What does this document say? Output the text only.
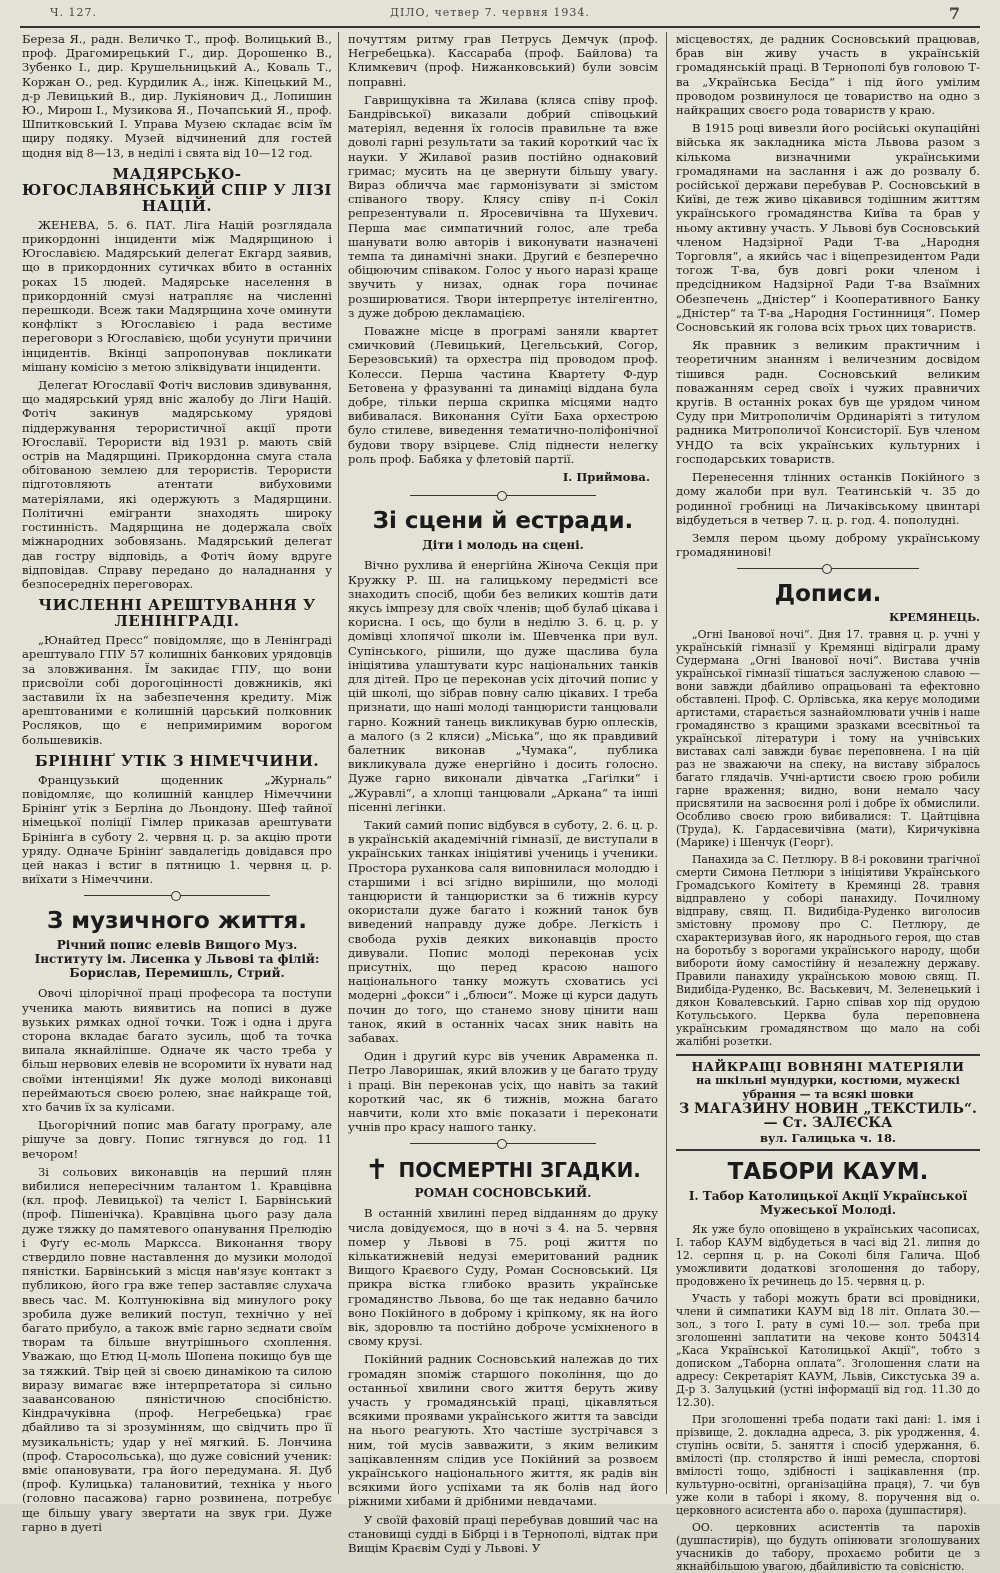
Ч. 127.	ДІЛО, четвер 7. червня 1934.	7

Береза Я., радн. Величко Т., проф. Волицький В., проф. Драгомирецький Г., дир. Дорошенко В., Зубенко І., дир. Крушельницький А., Коваль Т., Коржан О., ред. Курдилик А., інж. Кіпецький М., д-р Левицький В., дир. Лукіянович Д., Лопишин Ю., Мирош І., Музикова Я., Почапський Я., проф. Шпитковський І. Управа Музею складає всім їм щиру подяку. Музей відчинений для гостей щодня від 8—13, в неділі і свята від 10—12 год.

МАДЯРСЬКО-ЮГОСЛАВЯНСЬКИЙ СПІР У ЛІЗІ НАЦІЙ.

ЖЕНЕВА, 5. 6. ПАТ. Ліга Націй розглядала прикордонні інциденти між Мадярщиною і Югославією. Мадярський делегат Екгард заявив, що в прикордонних сутичках вбито в останніх роках 15 людей. Мадярське населення в прикордонній смузі натрапляє на численні перешкоди. Всеж таки Мадярщина хоче оминути конфлікт з Югославією і рада вестиме переговори з Югославією, щоби усунути причини інцидентів. Вкінці запропонував покликати мішану комісію з метою зліквідувати інциденти.

Делегат Югославії Фотіч висловив здивування, що мадярський уряд вніс жалобу до Ліги Націй. Фотіч закинув мадярському урядові піддержування терористичної акції проти Югославії. Терористи від 1931 р. мають свій острів на Мадярщині. Прикордонна смуга стала обітованою землею для терористів. Терористи підготовляють атентати вибуховими матеріялами, які одержують з Мадярщини. Політичні емігранти знаходять широку гостинність. Мадярщина не додержала своїх міжнародних зобовязань. Мадярський делегат дав гостру відповідь, а Фотіч йому вдруге відповідав. Справу передано до наладнання у безпосередніх переговорах.

ЧИСЛЕННІ АРЕШТУВАННЯ У ЛЕНІНГРАДІ.

„Юнайтед Пресс“ повідомляє, що в Ленінграді арештувало ГПУ 57 колишніх банкових урядовців за зловживання. Їм закидає ГПУ, що вони присвоїли собі дорогоцінності довжників, які заставили їх на забезпечення кредиту. Між арештованими є колишній царський полковник Росляков, що є непримиримим ворогом большевиків.

БРІНІНҐ УТІК З НІМЕЧЧИНИ.

Французький щоденник „Журналь“ повідомляє, що колишній канцлер Німеччини Брінінґ утік з Берліна до Льондону. Шеф тайної німецької поліції Гімлер приказав арештувати Брінінґа в суботу 2. червня ц. р. за акцію проти уряду. Одначе Брінінґ завдалегідь довідався про цей наказ і встиг в пятницю 1. червня ц. р. виїхати з Німеччини.

З музичного життя.
Річний попис елевів Вищого Муз. Інституту ім. Лисенка у Львові та філій: Борислав, Перемишль, Стрий.

Овочі цілорічної праці професора та поступи ученика мають виявитись на пописі в дуже вузьких рямках одної точки. Тож і одна і друга сторона вкладає багато зусиль, щоб та точка випала якнайліпше. Одначе як часто треба у більш нервових елевів не всоромити їх нувати над своїми інтенціями! Як дуже молоді виконавці переймаються своєю ролею, знає найкраще той, хто бачив їх за кулісами.

Цьогорічний попис мав багату програму, але рішуче за довгу. Попис тягнувся до год. 11 вечором!

Зі сольових виконавців на перший плян вибилися непересічним талантом 1. Кравцівна (кл. проф. Левицької) та челіст І. Барвінський (проф. Пішенічка). Кравцівна цього разу дала дуже тяжку до памятевого опанування Прелюдію і Фуґу ес-моль Марксса. Виконання твору ствердило повне наставлення до музики молодої пяністки. Барвінський з місця нав'язує контакт з публикою, його гра вже тепер заставляє слухача ввесь час. М. Колтунюківна від минулого року зробила дуже великий поступ, технічно у неї багато прибуло, а також вміє гарно зєднати своїм творам та більше внутрішнього схоплення. Уважаю, що Етюд Ц-моль Шопена покищо був ще за тяжкий. Твір цей зі своєю динамікою та силою виразу вимагає вже інтерпретатора зі сильно зааванcованою пяністичною спосібністю. Кіндрачуківна (проф. Негребецька) грає дбайливо та зі зрозумінням, що свідчить про її музикальність; удар у неї мягкий. Б. Лончина (проф. Старосольська), що дуже совісний ученик: вміє опановувати, гра його передумана. Я. Дуб (проф. Кулицька) талановитий, техніка у нього (головно пасажова) гарно розвинена, потребує ще більшу увагу звертати на звук гри. Дуже гарно в дуеті

почуттям ритму грав Петрусь Демчук (проф. Негребецька). Кассараба (проф. Байлова) та Климкевич (проф. Нижанковський) були зовсім поправні.

Гаврищуківна та Жилава (кляса співу проф. Бандрівської) виказали добрий співоцький матеріял, ведення їх голосів правильне та вже доволі гарні результати за такий короткий час їх науки. У Жилавої разив постійно однаковий гримас; мусить на це звернути більшу увагу. Вираз обличча має гармонізувати зі змістом співаного твору. Клясу співу п-і Сокіл репрезентували п. Яросевичівна та Шухевич. Перша має симпатичний голос, але треба шанувати волю авторів і виконувати назначені темпа та динамічні знаки. Другий є безперечно обіцюючим співаком. Голос у нього наразі краще звучить у низах, однак гора починає розширюватися. Твори інтерпретує інтелігентно, з дуже доброю декламацією.

Поважне місце в програмі заняли квартет смичковий (Левицький, Цегельський, Согор, Березовський) та орхестра під проводом проф. Колесси. Перша частина Квартету Ф-дур Бетовена у фразуванні та динаміці віддана була добре, тільки перша скрипка місцями надто вибивалася. Виконання Суїти Баха орхестрою було стилеве, виведення тематично-поліфонічної будови твору взірцеве. Слід піднести нелегку роль проф. Бабяка у флетовій партії.

І. Приймова.
Зі сцени й естради.
Діти і молодь на сцені.

Вічно рухлива й енергійна Жіноча Секція при Кружку Р. Ш. на галицькому передмісті все знаходить спосіб, щоби без великих коштів дати якусь імпрезу для своїх членів; щоб булаб цікава і корисна. І ось, що були в неділю 3. 6. ц. р. у домівці хлопячої школи ім. Шевченка при вул. Супінського, рішили, що дуже щаслива була ініціятива улаштувати курс національних танків для дітей. Про це переконав усіх діточий попис у цій школі, що зібрав повну салю цікавих. І треба признати, що наші молоді танцюристи танцювали гарно. Кожний танець викликував бурю оплесків, а малого (з 2 кляси) „Міська“, що як правдивий балетник виконав „Чумака“, публика викликувала дуже енергійно і досить голосно. Дуже гарно виконали дівчатка „Гаґілки“ і „Журавлі“, а хлопці танцювали „Аркана“ та інші пісенні легінки.

Такий самий попис відбувся в суботу, 2. 6. ц. р. в українській академічній гімназії, де виступали в українських танках ініціятиві учениць і ученики. Простора руханкова саля виповнилася молоддю і старшими і всі згідно вирішили, що молоді танцюристи й танцюристки за 6 тижнів курсу окористали дуже багато і кожний танок був виведений направду дуже добре. Легкість і свобода рухів деяких виконавців просто дивували. Попис молоді переконав усіх присутніх, що перед красою нашого національного танку можуть сховатись усі модерні „фокси“ і „блюси“. Може ці курси дадуть почин до того, що станемо знову цінити наш танок, який в останніх часах зник навіть на забавах.

Один і другий курс вів ученик Авраменка п. Петро Лаворишак, який вложив у це багато труду і праці. Він переконав усіх, що навіть за такий короткий час, як 6 тижнів, можна багато навчити, коли хто вміє показати і переконати учнів про красу нашого танку.

✝ ПОСМЕРТНІ ЗГАДКИ.
РОМАН СОСНОВСЬКИЙ.

В останній хвилині перед відданням до друку числа довідуємося, що в ночі з 4. на 5. червня помер у Львові в 75. році життя по кількатижневій недузі емеритований радник Вищого Краєвого Суду, Роман Сосновський. Ця прикра вістка глибоко вразить українське громадянство Львова, бо ще так недавно бачило воно Покійного в доброму і кріпкому, як на його вік, здоровлю та постійно доброче усміхненого в свому крузі.

Покійний радник Сосновський належав до тих громадян зпоміж старшого покоління, що до останньої хвилини свого життя беруть живу участь у громадянській праці, цікавляться всякими проявами українського життя та завсіди на нього реагують. Хто частіше зустрічався з ним, той мусів завважити, з яким великим зацікавленням слідив усе Покійний за розвоєм українського національного життя, як радів він всякими його успіхами та як болів над його ріжними хибами й дрібними невдачами.

У своїй фаховій праці перебував довший час на становищі судді в Бібрці і в Тернополі, відтак при Вищім Краєвім Суді у Львові. У

місцевостях, де радник Сосновський працював, брав він живу участь в українській громадянській праці. В Тернополі був головою Т-ва „Українська Бесіда“ і під його умілим проводом розвинулося це товариство на одно з найкращих своєго рода товариств у краю.

В 1915 році вивезли його російські окупаційні війська як закладника міста Львова разом з кількома визначними українськими громадянами на заслання і аж до розвалу б. російської держави перебував Р. Сосновський в Київі, де теж живо цікавився тодішним життям українського громадянства Київа та брав у ньому активну участь. У Львові був Сосновський членом Надзірної Ради Т-ва „Народня Торговля“, а якийсь час і віцепрезидентом Ради тогож Т-ва, був довгі роки членом і предсідником Надзірної Ради Т-ва Взаїмних Обезпечень „Дністер“ і Кооперативного Банку „Дністер“ та Т-ва „Народня Гостинниця“. Помер Сосновський як голова всіх трьох цих товариств.

Як правник з великим практичним і теоретичним знанням і величезним досвідом тішився радн. Сосновський великим поважанням серед своїх і чужих правничих кругів. В останніх роках був ще урядом чином Суду при Митрополичім Ординаріяті з титулом радника Митрополичої Консисторії. Був членом УНДО та всіх українських культурних і господарських товариств.

Перенесення тлінних останків Покійного з дому жалоби при вул. Театинській ч. 35 до родинної гробниці на Личаківському цвинтарі відбудеться в четвер 7. ц. р. год. 4. пополудні.

Земля пером цьому доброму українському громадянинові!

Дописи.
КРЕМЯНЕЦЬ.

„Огні Іванової ночі“. Дня 17. травня ц. р. учні у українській гімназії у Кремянці відіграли драму Судермана „Огні Іванової ночі“. Вистава учнів української гімназії тішаться заслуженою славою — вони завжди дбайливо опрацьовані та ефектовно обставлені. Проф. С. Орлівська, яка керує молодими артистами, старається зазнайомлювати учнів і наше громадянство з кращими зразками всесвітньої та української літератури і тому на учнівських виставах салі завжди буває переповнена. І на цій раз не зважаючи на спеку, на виставу зібралось багато глядачів. Учні-артисти своєю грою робили гарне враження; видно, вони немало часу присвятили на засвоєння ролі і добре їх обмислили. Особливо своєю грою вибивалися: Т. Цайтцівна (Труда), К. Гардасевичівна (мати), Киричуківна (Марике) і Шенчук (Георг).

Панахида за С. Петлюру. В 8-і роковини трагічної смерти Симона Петлюри з ініціятиви Українського Громадського Комітету в Кремянці 28. травня відправлено у соборі панахиду. Почилному відправу, свящ. П. Видибіда-Руденко виголосив змістовну промову про С. Петлюру, де схарактеризував його, як народнього героя, що став на боротьбу з ворогами українського народу, щоби вибороти йому самостійну й незалежну державу. Правили панахиду українською мовою свящ. П. Видибіда-Руденко, Вс. Васькевич, М. Зеленецький і дякон Ковалевський. Гарно співав хор під орудою Котульського. Церква була переповнена українським громадянством що мало на собі жалібні розетки.

НАЙКРАЩІ ВОВНЯНІ МАТЕРІЯЛИ
на шкільні мундурки, костюми, мужескі убрання — та всякі шовки
З МАГАЗИНУ НОВИН „ТЕКСТИЛЬ“. — Ст. ЗАЛЄСКА
вул. Галицька ч. 18.
ТАБОРИ КАУМ.
І. Табор Католицької Акції Української Мужеської Молоді.

Як уже було оповіщено в українських часописах, І. табор КАУМ відбудеться в часі від 21. липня до 12. серпня ц. р. на Соколі біля Галича. Щоб уможливити додаткові зголошення до табору, продовжено їх речинець до 15. червня ц. р.

Участь у таборі можуть брати всі провідники, члени й симпатики КАУМ від 18 літ. Оплата 30.— зол., з того І. рату в сумі 10.— зол. треба при зголошенні заплатити на чекове конто 504314 „Каса Української Католицької Акції“, тобто з дописком „Таборна оплата“. Зголошення слати на адресу: Секретаріят КАУМ, Львів, Сикстуська 39 а. Д-р З. Залуцький (устні інформації від год. 11.30 до 12.30).

При зголошенні треба подати такі дані: 1. імя і прізвище, 2. докладна адреса, 3. рік уродження, 4. ступінь освіти, 5. заняття і спосіб удержання, 6. вмілості (пр. столярство й інші ремесла, спортові вмілості тощо, здібності і зацікавлення (пр. культурно-освітні, організаційна праця), 7. чи був уже коли в таборі і якому, 8. поручення від о. церковного асистента або о. пароха (душпастиря).

ОО. церковних асистентів та парохів (душпастирів), що будуть опінювати зголошуваних учасників до табору, прохаємо робити це з якнайбільшою увагою, дбайливістю та совісністю.
